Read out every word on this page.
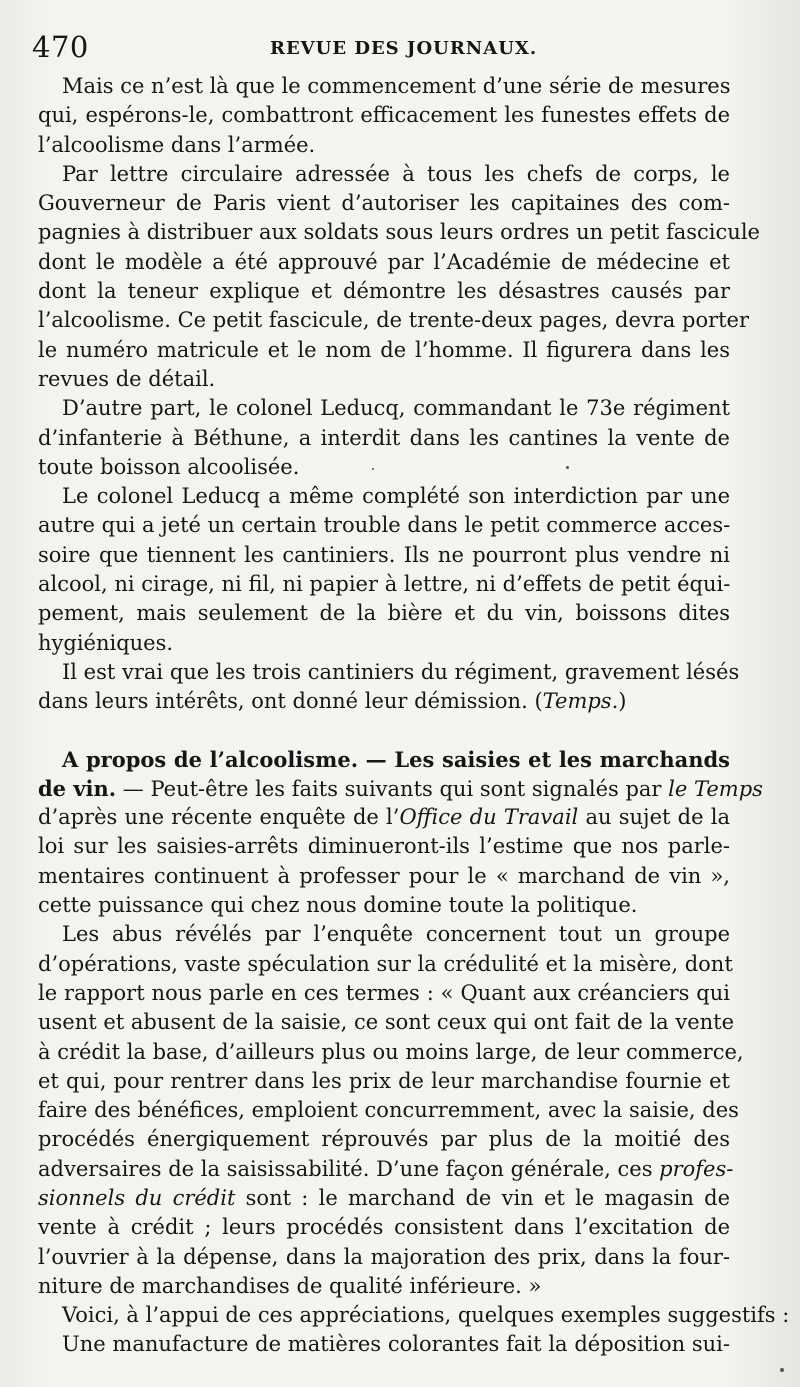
470	REVUE DES JOURNAUX.
Mais ce n’est là que le commencement d’une série de mesures
qui, espérons-le, combattront efficacement les funestes effets de
l’alcoolisme dans l’armée.
Par lettre circulaire adressée à tous les chefs de corps, le
Gouverneur de Paris vient d’autoriser les capitaines des com-
pagnies à distribuer aux soldats sous leurs ordres un petit fascicule
dont le modèle a été approuvé par l’Académie de médecine et
dont la teneur explique et démontre les désastres causés par
l’alcoolisme. Ce petit fascicule, de trente-deux pages, devra porter
le numéro matricule et le nom de l’homme. Il figurera dans les
revues de détail.
D’autre part, le colonel Leducq, commandant le 73e régiment
d’infanterie à Béthune, a interdit dans les cantines la vente de
toute boisson alcoolisée.
Le colonel Leducq a même complété son interdiction par une
autre qui a jeté un certain trouble dans le petit commerce acces-
soire que tiennent les cantiniers. Ils ne pourront plus vendre ni
alcool, ni cirage, ni fil, ni papier à lettre, ni d’effets de petit équi-
pement, mais seulement de la bière et du vin, boissons dites
hygiéniques.
Il est vrai que les trois cantiniers du régiment, gravement lésés
dans leurs intérêts, ont donné leur démission. (Temps.)
A propos de l’alcoolisme. — Les saisies et les marchands
de vin. — Peut-être les faits suivants qui sont signalés par le Temps
d’après une récente enquête de l’Office du Travail au sujet de la
loi sur les saisies-arrêts diminueront-ils l’estime que nos parle-
mentaires continuent à professer pour le « marchand de vin »,
cette puissance qui chez nous domine toute la politique.
Les abus révélés par l’enquête concernent tout un groupe
d’opérations, vaste spéculation sur la crédulité et la misère, dont
le rapport nous parle en ces termes : « Quant aux créanciers qui
usent et abusent de la saisie, ce sont ceux qui ont fait de la vente
à crédit la base, d’ailleurs plus ou moins large, de leur commerce,
et qui, pour rentrer dans les prix de leur marchandise fournie et
faire des bénéfices, emploient concurremment, avec la saisie, des
procédés énergiquement réprouvés par plus de la moitié des
adversaires de la saisissabilité. D’une façon générale, ces profes-
sionnels du crédit sont : le marchand de vin et le magasin de
vente à crédit ; leurs procédés consistent dans l’excitation de
l’ouvrier à la dépense, dans la majoration des prix, dans la four-
niture de marchandises de qualité inférieure. »
Voici, à l’appui de ces appréciations, quelques exemples suggestifs :
Une manufacture de matières colorantes fait la déposition sui-
